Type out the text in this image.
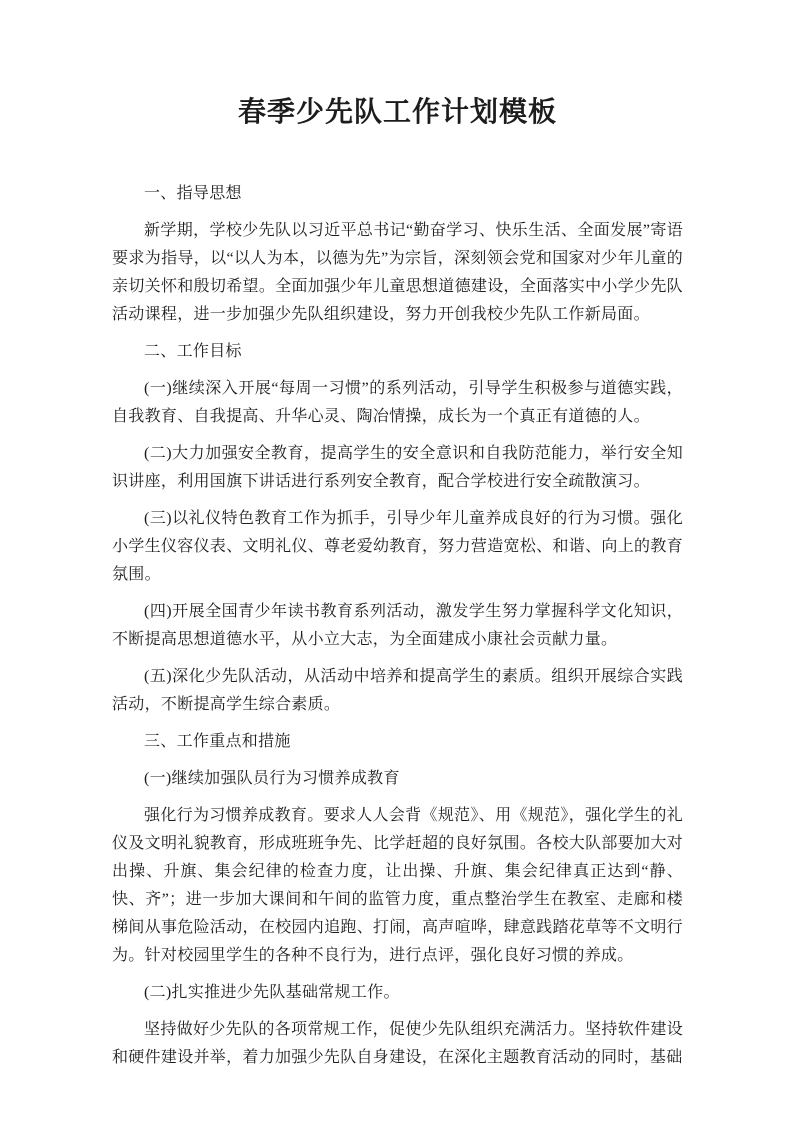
春季少先队工作计划模板

一、指导思想

新学期，学校少先队以习近平总书记“勤奋学习、快乐生活、全面发展”寄语要求为指导，以“以人为本，以德为先”为宗旨，深刻领会党和国家对少年儿童的亲切关怀和殷切希望。全面加强少年儿童思想道德建设，全面落实中小学少先队活动课程，进一步加强少先队组织建设，努力开创我校少先队工作新局面。

二、工作目标

(一)继续深入开展“每周一习惯”的系列活动，引导学生积极参与道德实践，自我教育、自我提高、升华心灵、陶冶情操，成长为一个真正有道德的人。

(二)大力加强安全教育，提高学生的安全意识和自我防范能力，举行安全知识讲座，利用国旗下讲话进行系列安全教育，配合学校进行安全疏散演习。

(三)以礼仪特色教育工作为抓手，引导少年儿童养成良好的行为习惯。强化小学生仪容仪表、文明礼仪、尊老爱幼教育，努力营造宽松、和谐、向上的教育氛围。

(四)开展全国青少年读书教育系列活动，激发学生努力掌握科学文化知识，不断提高思想道德水平，从小立大志，为全面建成小康社会贡献力量。

(五)深化少先队活动，从活动中培养和提高学生的素质。组织开展综合实践活动，不断提高学生综合素质。

三、工作重点和措施

(一)继续加强队员行为习惯养成教育

强化行为习惯养成教育。要求人人会背《规范》、用《规范》，强化学生的礼仪及文明礼貌教育，形成班班争先、比学赶超的良好氛围。各校大队部要加大对出操、升旗、集会纪律的检查力度，让出操、升旗、集会纪律真正达到“静、快、齐”；进一步加大课间和午间的监管力度，重点整治学生在教室、走廊和楼梯间从事危险活动，在校园内追跑、打闹，高声喧哗，肆意践踏花草等不文明行为。针对校园里学生的各种不良行为，进行点评，强化良好习惯的养成。

(二)扎实推进少先队基础常规工作。

坚持做好少先队的各项常规工作，促使少先队组织充满活力。坚持软件建设和硬件建设并举，着力加强少先队自身建设，在深化主题教育活动的同时，基础
